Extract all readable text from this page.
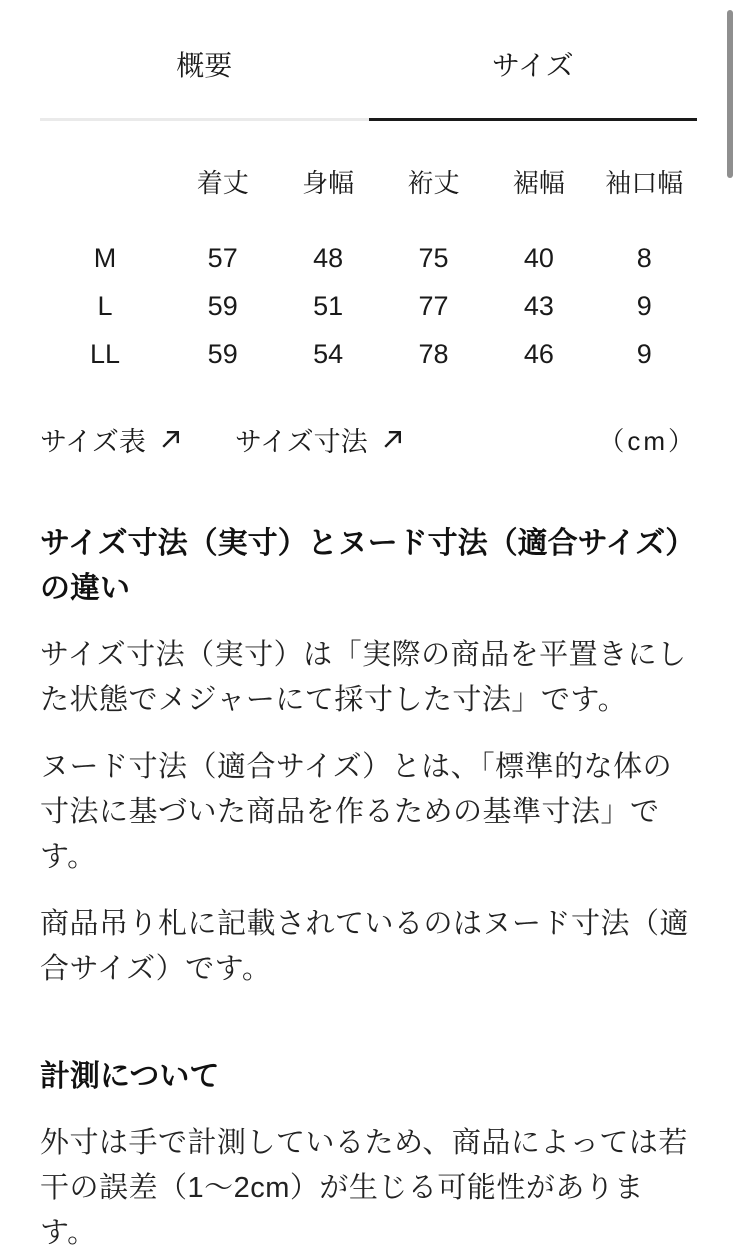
概要	サイズ
	着丈	身幅	裄丈	裾幅	袖口幅
M	57	48	75	40	8
L	59	51	77	43	9
LL	59	54	78	46	9
サイズ表	サイズ寸法	（cm）
サイズ寸法（実寸）とヌード寸法（適合サイズ）の違い

サイズ寸法（実寸）は「実際の商品を平置きにした状態でメジャーにて採寸した寸法」です。

ヌード寸法（適合サイズ）とは、「標準的な体の寸法に基づいた商品を作るための基準寸法」です。

商品吊り札に記載されているのはヌード寸法（適合サイズ）です。

計測について

外寸は手で計測しているため、商品によっては若干の誤差（1〜2cm）が生じる可能性があります。
